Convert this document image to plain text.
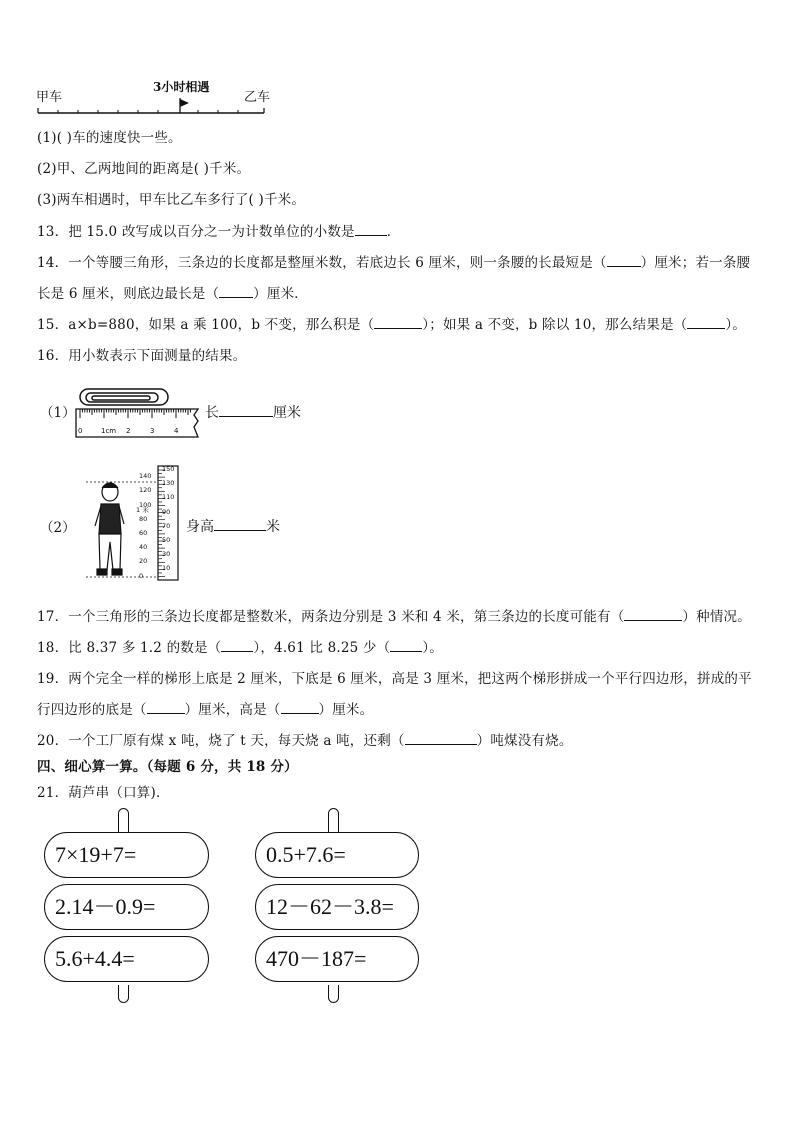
甲车
3小时相遇
乙车
(1)( )车的速度快一些。
(2)甲、乙两地间的距离是( )千米。
(3)两车相遇时，甲车比乙车多行了( )千米。
13．把 15.0 改写成以百分之一为计数单位的小数是 ．
14．一个等腰三角形，三条边的长度都是整厘米数，若底边长 6 厘米，则一条腰的长最短是（	）厘米；若一条腰
长是 6 厘米，则底边最长是（	）厘米．
15．a×b=880，如果 a 乘 100，b 不变，那么积是（	）；如果 a 不变，b 除以 10，那么结果是（	）。
16．用小数表示下面测量的结果。
（1）
0	1cm 2	3	4
长	厘米
（2）
150
140
130
120
110
100
90
80
70
60
50
40
30
20
10
0
1 米
身高	米
17．一个三角形的三条边长度都是整数米，两条边分别是 3 米和 4 米，第三条边的长度可能有（	）种情况。
18．比 8.37 多 1.2 的数是（ ），4.61 比 8.25 少（ ）。
19．两个完全一样的梯形上底是 2 厘米，下底是 6 厘米，高是 3 厘米，把这两个梯形拼成一个平行四边形，拼成的平
行四边形的底是（	）厘米，高是（	）厘米。
20．一个工厂原有煤 x 吨，烧了 t 天，每天烧 a 吨，还剩（	）吨煤没有烧。
四、细心算一算。（每题 6 分，共 18 分）
21．葫芦串（口算)．
7×19+7=
2.14－0.9=
5.6+4.4=
0.5+7.6=
12－62－3.8=
470－187=
